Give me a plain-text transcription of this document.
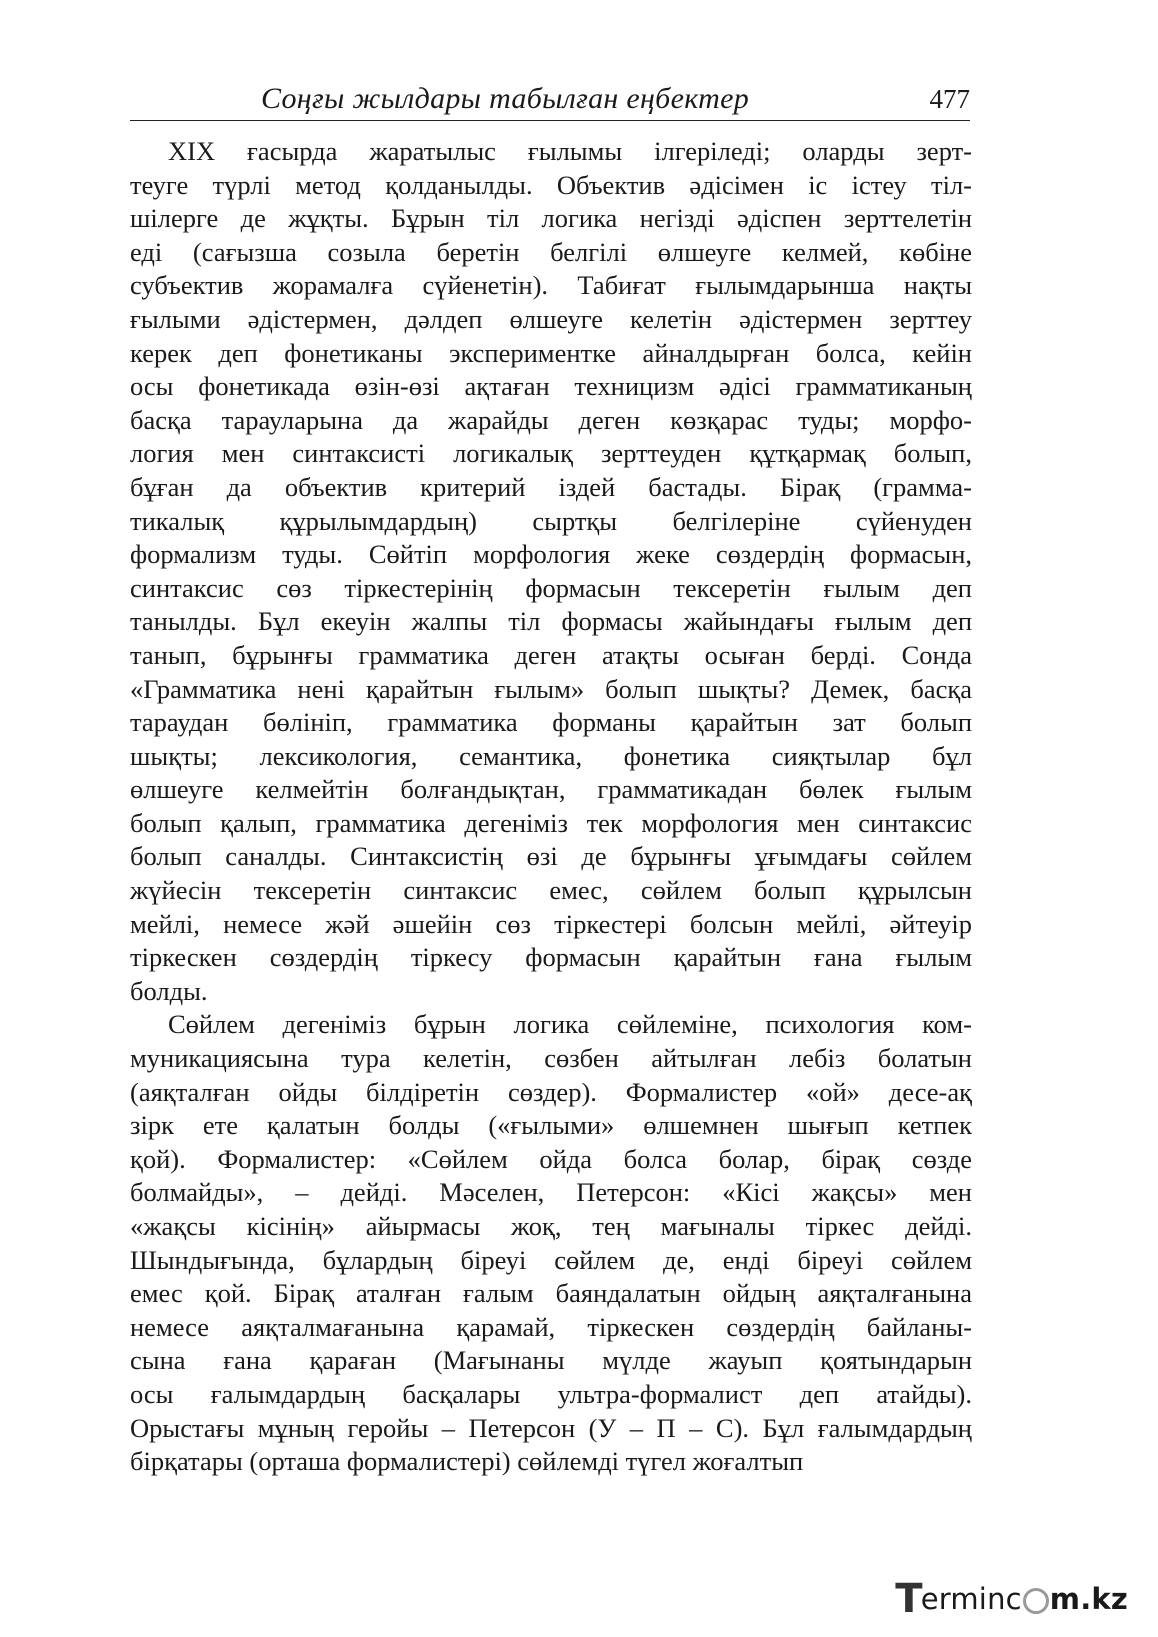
Соңғы жылдары табылған еңбектер	477
XIX ғасырда жаратылыс ғылымы ілгеріледі; оларды зерт-
теуге түрлі метод қолданылды. Объектив әдісімен іс істеу тіл-
шілерге де жұқты. Бұрын тіл логика негізді әдіспен зерттелетін
еді (сағызша созыла беретін белгілі өлшеуге келмей, көбіне
субъектив жорамалға сүйенетін). Табиғат ғылымдарынша нақты
ғылыми әдістермен, дәлдеп өлшеуге келетін әдістермен зерттеу
керек деп фонетиканы экспериментке айналдырған болса, кейін
осы фонетикада өзін-өзі ақтаған техницизм әдісі грамматиканың
басқа тарауларына да жарайды деген көзқарас туды; морфо-
логия мен синтаксисті логикалық зерттеуден құтқармақ болып,
бұған да объектив критерий іздей бастады. Бірақ (грамма-
тикалық құрылымдардың) сыртқы белгілеріне сүйенуден
формализм туды. Сөйтіп морфология жеке сөздердің формасын,
синтаксис сөз тіркестерінің формасын тексеретін ғылым деп
танылды. Бұл екеуін жалпы тіл формасы жайындағы ғылым деп
танып, бұрынғы грамматика деген атақты осыған берді. Сонда
«Грамматика нені қарайтын ғылым» болып шықты? Демек, басқа
тараудан бөлініп, грамматика форманы қарайтын зат болып
шықты; лексикология, семантика, фонетика сияқтылар бұл
өлшеуге келмейтін болғандықтан, грамматикадан бөлек ғылым
болып қалып, грамматика дегеніміз тек морфология мен синтаксис
болып саналды. Синтаксистің өзі де бұрынғы ұғымдағы сөйлем
жүйесін тексеретін синтаксис емес, сөйлем болып құрылсын
мейлі, немесе жәй әшейін сөз тіркестері болсын мейлі, әйтеуір
тіркескен сөздердің тіркесу формасын қарайтын ғана ғылым
болды.
Сөйлем дегеніміз бұрын логика сөйлеміне, психология ком-
муникациясына тура келетін, сөзбен айтылған лебіз болатын
(аяқталған ойды білдіретін сөздер). Формалистер «ой» десе-ақ
зірк ете қалатын болды («ғылыми» өлшемнен шығып кетпек
қой). Формалистер: «Сөйлем ойда болса болар, бірақ сөзде
болмайды», – дейді. Мәселен, Петерсон: «Кісі жақсы» мен
«жақсы кісінің» айырмасы жоқ, тең мағыналы тіркес дейді.
Шындығында, бұлардың біреуі сөйлем де, енді біреуі сөйлем
емес қой. Бірақ аталған ғалым баяндалатын ойдың аяқталғанына
немесе аяқталмағанына қарамай, тіркескен сөздердің байланы-
сына ғана қараған (Мағынаны мүлде жауып қоятындарын
осы ғалымдардың басқалары ультра-формалист деп атайды).
Орыстағы мұның геройы – Петерсон (У – П – С). Бұл ғалымдардың
бірқатары (орташа формалистері) сөйлемді түгел жоғалтып
T
erminc m.kz
